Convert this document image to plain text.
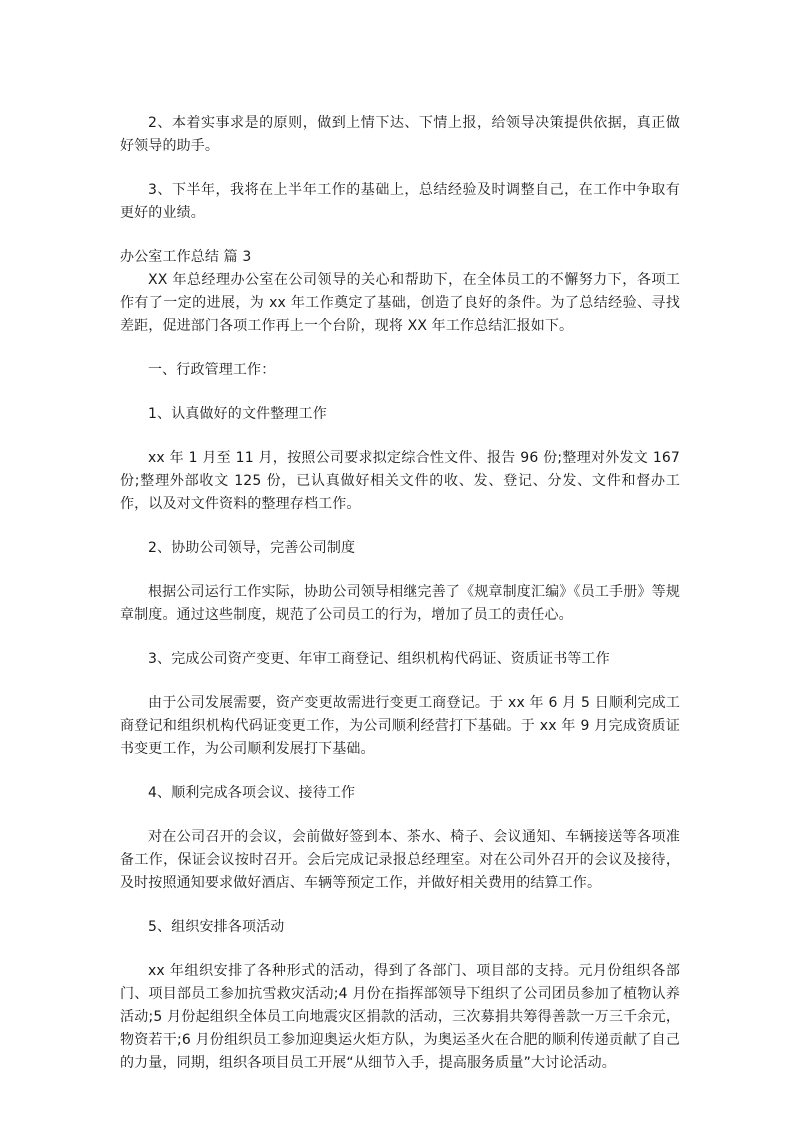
2、本着实事求是的原则，做到上情下达、下情上报，给领导决策提供依据，真正做好领导的助手。

3、下半年，我将在上半年工作的基础上，总结经验及时调整自己，在工作中争取有更好的业绩。

办公室工作总结 篇 3

XX 年总经理办公室在公司领导的关心和帮助下，在全体员工的不懈努力下，各项工作有了一定的进展，为 xx 年工作奠定了基础，创造了良好的条件。为了总结经验、寻找差距，促进部门各项工作再上一个台阶，现将 XX 年工作总结汇报如下。

一、行政管理工作：

1、认真做好的文件整理工作

xx 年 1 月至 11 月，按照公司要求拟定综合性文件、报告 96 份;整理对外发文 167 份;整理外部收文 125 份，已认真做好相关文件的收、发、登记、分发、文件和督办工作，以及对文件资料的整理存档工作。

2、协助公司领导，完善公司制度

根据公司运行工作实际，协助公司领导相继完善了《规章制度汇编》《员工手册》等规章制度。通过这些制度，规范了公司员工的行为，增加了员工的责任心。

3、完成公司资产变更、年审工商登记、组织机构代码证、资质证书等工作

由于公司发展需要，资产变更故需进行变更工商登记。于 xx 年 6 月 5 日顺利完成工商登记和组织机构代码证变更工作，为公司顺利经营打下基础。于 xx 年 9 月完成资质证书变更工作，为公司顺利发展打下基础。

4、顺利完成各项会议、接待工作

对在公司召开的会议，会前做好签到本、茶水、椅子、会议通知、车辆接送等各项准备工作，保证会议按时召开。会后完成记录报总经理室。对在公司外召开的会议及接待，及时按照通知要求做好酒店、车辆等预定工作，并做好相关费用的结算工作。

5、组织安排各项活动

xx 年组织安排了各种形式的活动，得到了各部门、项目部的支持。元月份组织各部门、项目部员工参加抗雪救灾活动;4 月份在指挥部领导下组织了公司团员参加了植物认养活动;5 月份起组织全体员工向地震灾区捐款的活动，三次募捐共筹得善款一万三千余元，物资若干;6 月份组织员工参加迎奥运火炬方队，为奥运圣火在合肥的顺利传递贡献了自己的力量，同期，组织各项目员工开展“从细节入手，提高服务质量”大讨论活动。
